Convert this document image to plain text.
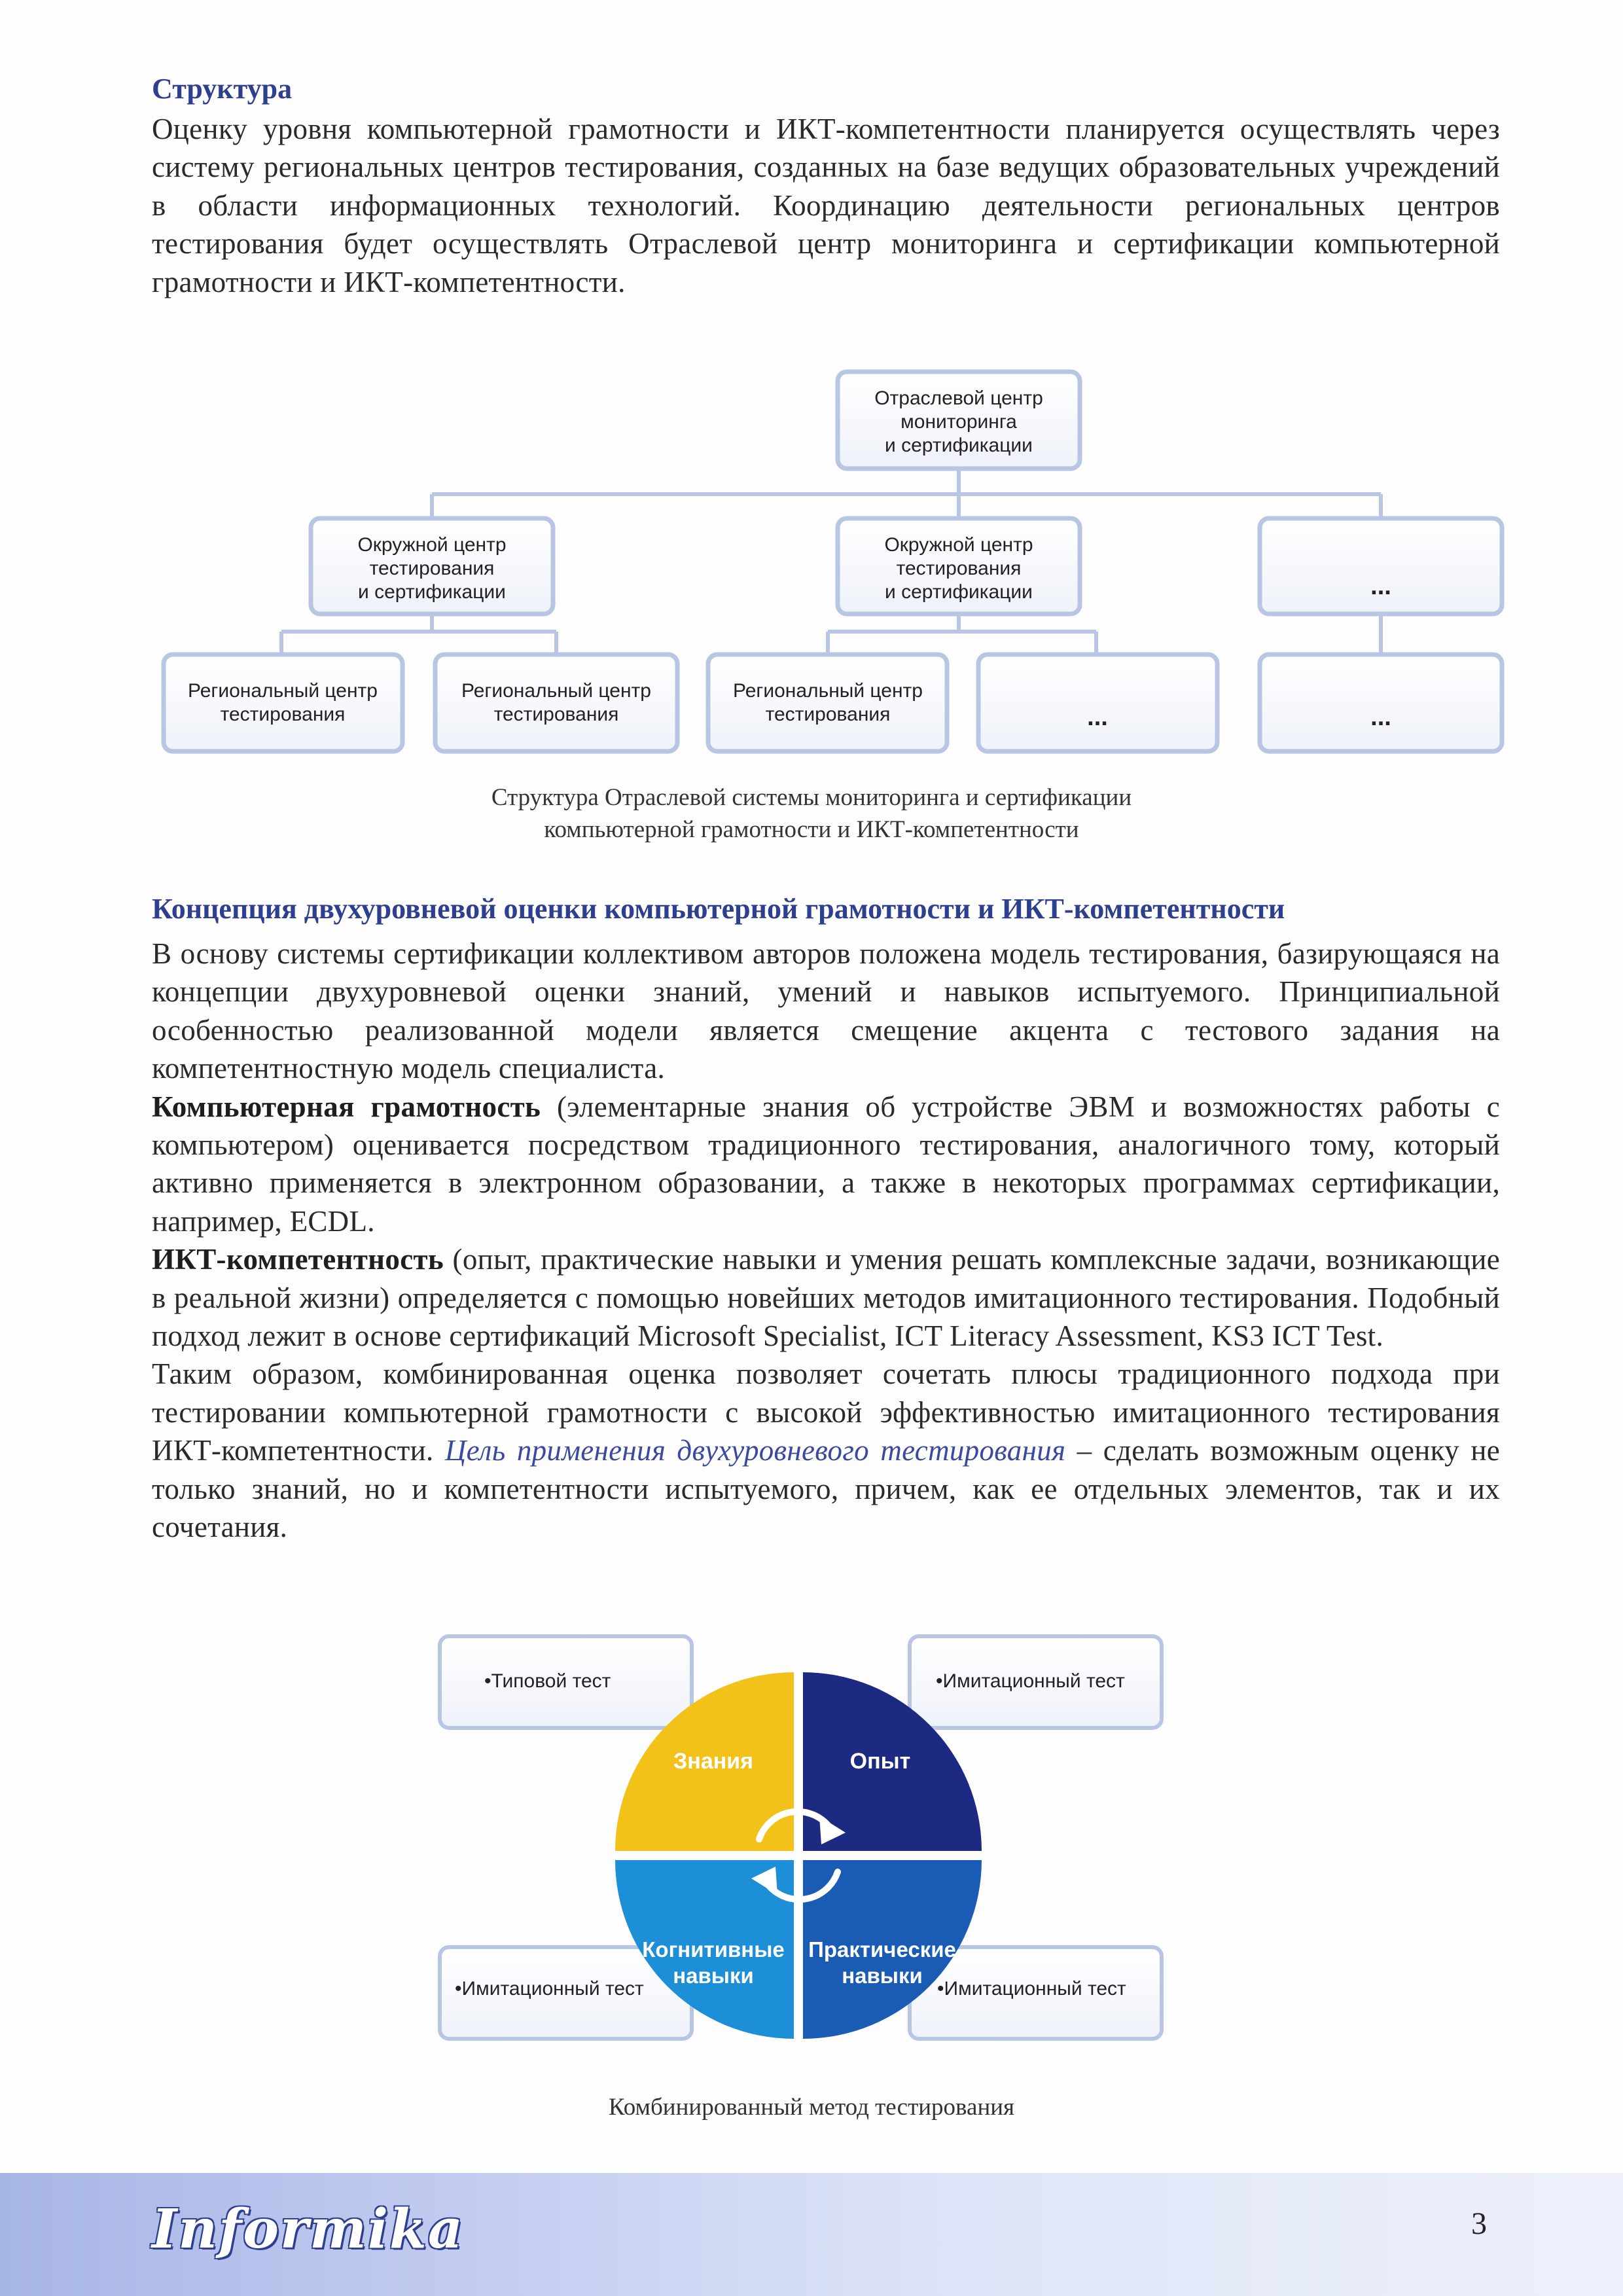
Структура
Оценку уровня компьютерной грамотности и ИКТ-компетентности планируется осуществлять через систему региональных центров тестирования, созданных на базе ведущих образовательных учреждений в области информационных технологий. Координацию деятельности региональных центров тестирования будет осуществлять Отраслевой центр мониторинга и сертификации компьютерной грамотности и ИКТ-компетентности.
Отраслевой центр
мониторинга
и сертификации
Окружной центр
тестирования
и сертификации
Окружной центр
тестирования
и сертификации	...
Региональный центр
тестирования
Региональный центр
тестирования
Региональный центр
тестирования	...	...
Структура Отраслевой системы мониторинга и сертификации
компьютерной грамотности и ИКТ-компетентности
Концепция двухуровневой оценки компьютерной грамотности и ИКТ-компетентности
В основу системы сертификации коллективом авторов положена модель тестирования, базирующаяся на концепции двухуровневой оценки знаний, умений и навыков испытуемого. Принципиальной особенностью реализованной модели является смещение акцента с тестового задания на компетентностную модель специалиста.
Компьютерная грамотность (элементарные знания об устройстве ЭВМ и возможностях работы с компьютером) оценивается посредством традиционного тестирования, аналогичного тому, который активно применяется в электронном образовании, а также в некоторых программах сертификации, например, ECDL.
ИКТ-компетентность (опыт, практические навыки и умения решать комплексные задачи, возникающие в реальной жизни) определяется с помощью новейших методов имитационного тестирования. Подобный подход лежит в основе сертификаций Microsoft Specialist, ICT Literacy Assessment, KS3 ICT Test.
Таким образом, комбинированная оценка позволяет сочетать плюсы традиционного подхода при тестировании компьютерной грамотности с высокой эффективностью имитационного тестирования ИКТ-компетентности. Цель применения двухуровневого тестирования – сделать возможным оценку не только знаний, но и компетентности испытуемого, причем, как ее отдельных элементов, так и их сочетания.
•Типовой тест	•Имитационный тест
•Имитационный тест	•Имитационный тест
Знания	Опыт
Когнитивные
навыки
Практические
навыки
Комбинированный метод тестирования
Informika	3
